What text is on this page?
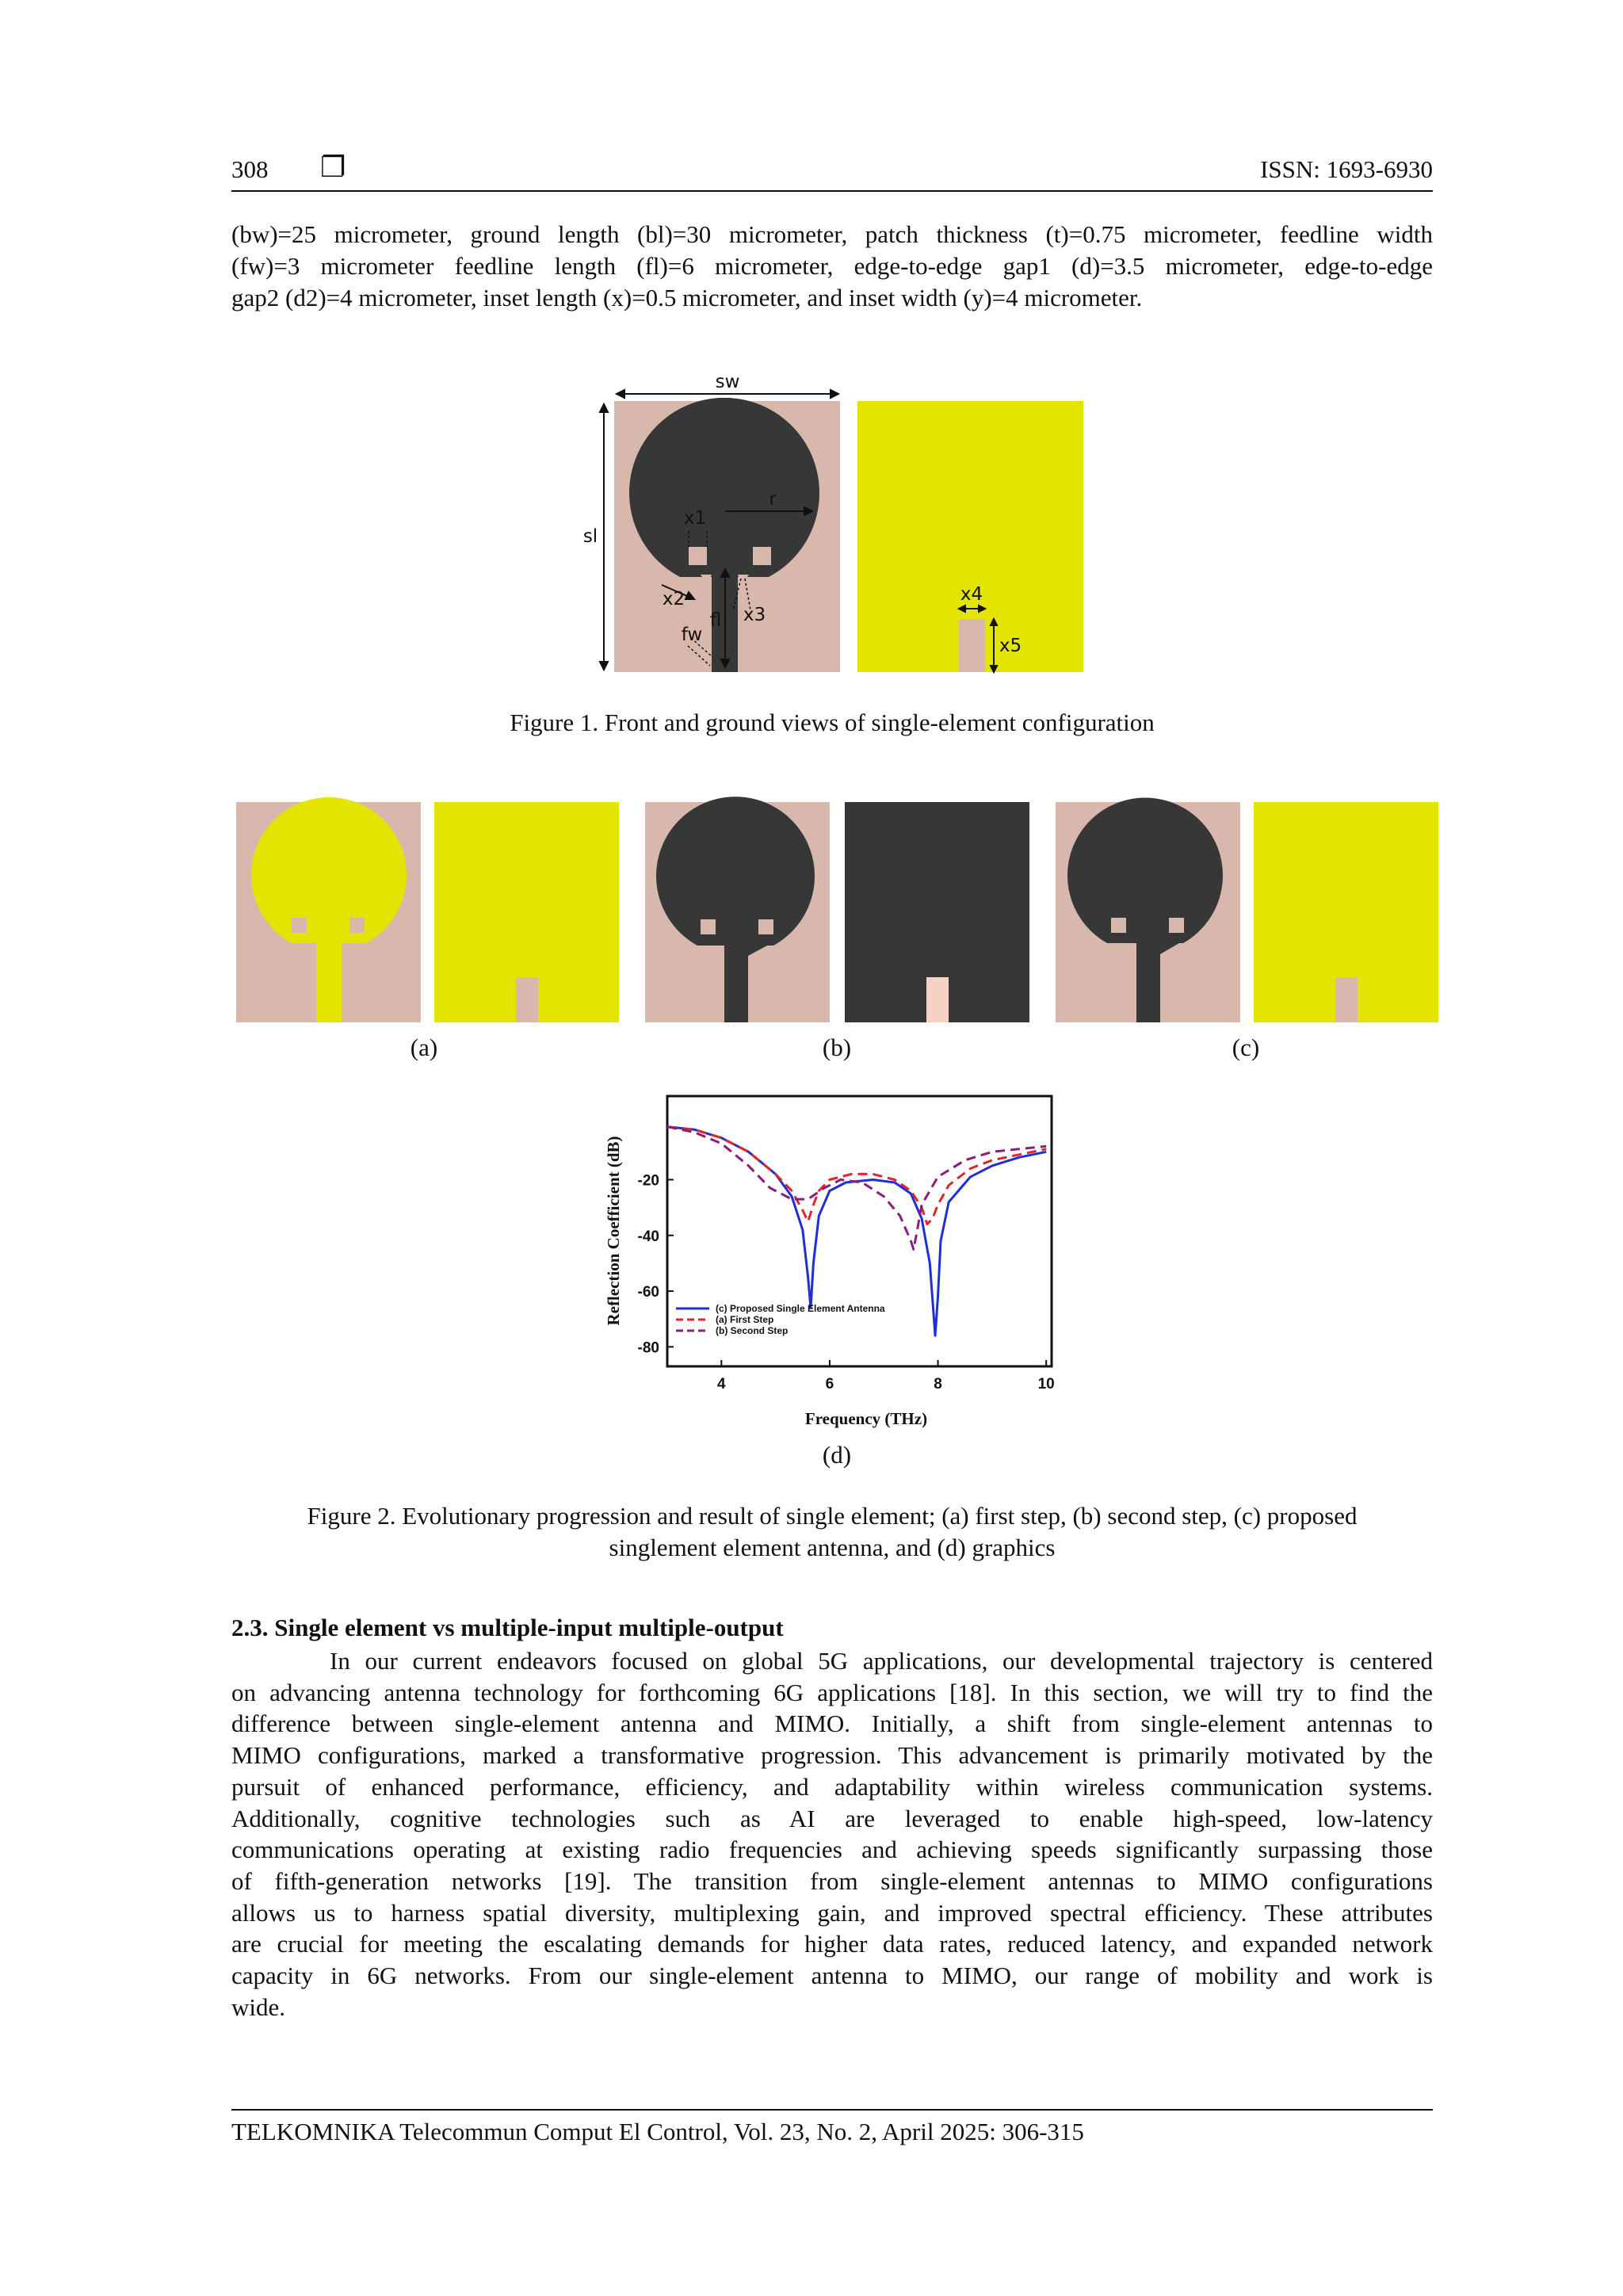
308 ❐	ISSN: 1693-6930
(bw)=25 micrometer, ground length (bl)=30 micrometer, patch thickness (t)=0.75 micrometer, feedline width
(fw)=3 micrometer feedline length (fl)=6 micrometer, edge-to-edge gap1 (d)=3.5 micrometer, edge-to-edge
gap2 (d2)=4 micrometer, inset length (x)=0.5 micrometer, and inset width (y)=4 micrometer.
sw
sl
r
x1
x2
x3
fl
fw
x4
x5
Figure 1. Front and ground views of single-element configuration
(a)	(b)	(c)
-20
-40
-60
-80
4	6	8	10
Frequency (THz)
Reflection Coefficient (dB)	(c) Proposed Single Element Antenna
(a) First Step
(b) Second Step
(d)
Figure 2. Evolutionary progression and result of single element; (a) first step, (b) second step, (c) proposed
singlement element antenna, and (d) graphics
2.3. Single element vs multiple-input multiple-output
In our current endeavors focused on global 5G applications, our developmental trajectory is centered
on advancing antenna technology for forthcoming 6G applications [18]. In this section, we will try to find the
difference between single-element antenna and MIMO. Initially, a shift from single-element antennas to
MIMO configurations, marked a transformative progression. This advancement is primarily motivated by the
pursuit of enhanced performance, efficiency, and adaptability within wireless communication systems.
Additionally, cognitive technologies such as AI are leveraged to enable high-speed, low-latency
communications operating at existing radio frequencies and achieving speeds significantly surpassing those
of fifth-generation networks [19]. The transition from single-element antennas to MIMO configurations
allows us to harness spatial diversity, multiplexing gain, and improved spectral efficiency. These attributes
are crucial for meeting the escalating demands for higher data rates, reduced latency, and expanded network
capacity in 6G networks. From our single-element antenna to MIMO, our range of mobility and work is
wide.
TELKOMNIKA Telecommun Comput El Control, Vol. 23, No. 2, April 2025: 306-315
